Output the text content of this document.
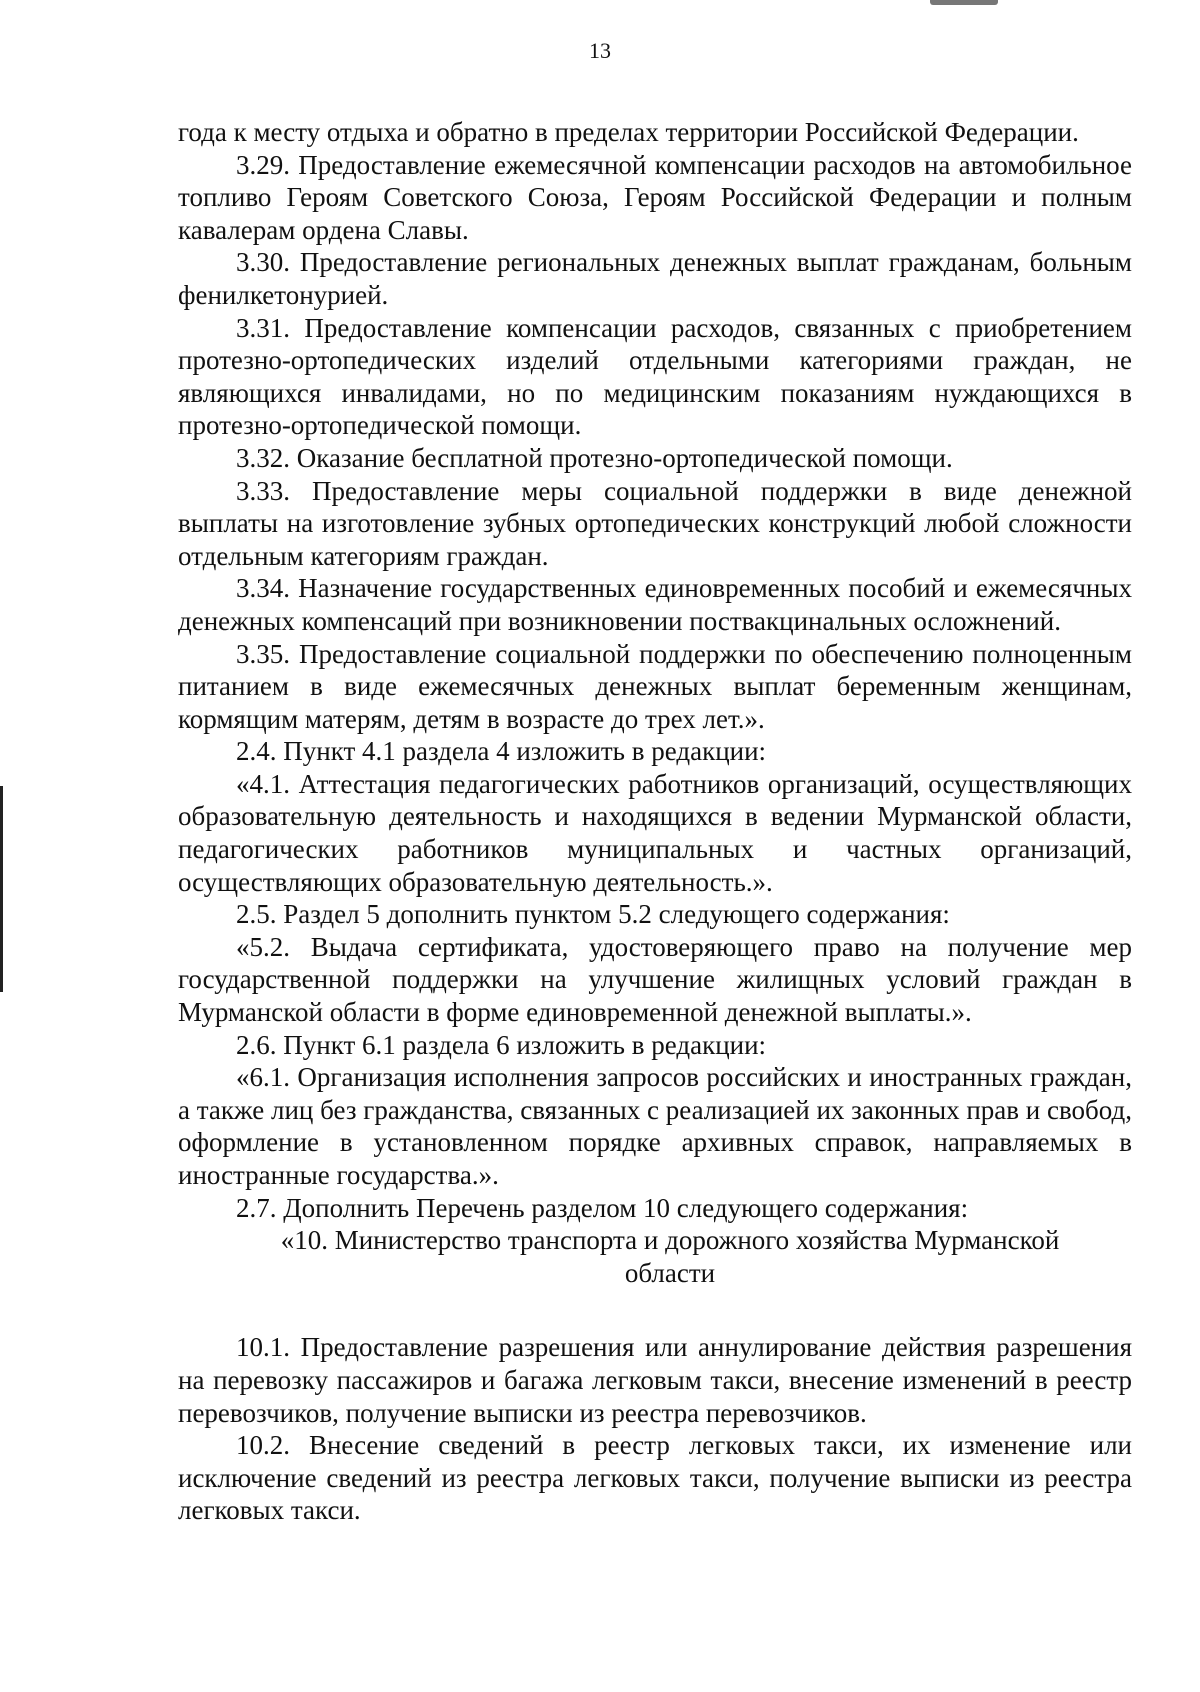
13

года к месту отдыха и обратно в пределах территории Российской Федерации.

3.29. Предоставление ежемесячной компенсации расходов на автомобильное топливо Героям Советского Союза, Героям Российской Федерации и полным кавалерам ордена Славы.

3.30. Предоставление региональных денежных выплат гражданам, больным фенилкетонурией.

3.31. Предоставление компенсации расходов, связанных с приобретением протезно-ортопедических изделий отдельными категориями граждан, не являющихся инвалидами, но по медицинским показаниям нуждающихся в протезно-ортопедической помощи.

3.32. Оказание бесплатной протезно-ортопедической помощи.

3.33. Предоставление меры социальной поддержки в виде денежной выплаты на изготовление зубных ортопедических конструкций любой сложности отдельным категориям граждан.

3.34. Назначение государственных единовременных пособий и ежемесячных денежных компенсаций при возникновении поствакцинальных осложнений.

3.35. Предоставление социальной поддержки по обеспечению полноценным питанием в виде ежемесячных денежных выплат беременным женщинам, кормящим матерям, детям в возрасте до трех лет.».

2.4. Пункт 4.1 раздела 4 изложить в редакции:

«4.1. Аттестация педагогических работников организаций, осуществляющих образовательную деятельность и находящихся в ведении Мурманской области, педагогических работников муниципальных и частных организаций, осуществляющих образовательную деятельность.».

2.5. Раздел 5 дополнить пунктом 5.2 следующего содержания:

«5.2. Выдача сертификата, удостоверяющего право на получение мер государственной поддержки на улучшение жилищных условий граждан в Мурманской области в форме единовременной денежной выплаты.».

2.6. Пункт 6.1 раздела 6 изложить в редакции:

«6.1. Организация исполнения запросов российских и иностранных граждан, а также лиц без гражданства, связанных с реализацией их законных прав и свобод, оформление в установленном порядке архивных справок, направляемых в иностранные государства.».

2.7. Дополнить Перечень разделом 10 следующего содержания:

«10. Министерство транспорта и дорожного хозяйства Мурманской

области

10.1. Предоставление разрешения или аннулирование действия разрешения на перевозку пассажиров и багажа легковым такси, внесение изменений в реестр перевозчиков, получение выписки из реестра перевозчиков.

10.2. Внесение сведений в реестр легковых такси, их изменение или исключение сведений из реестра легковых такси, получение выписки из реестра легковых такси.
